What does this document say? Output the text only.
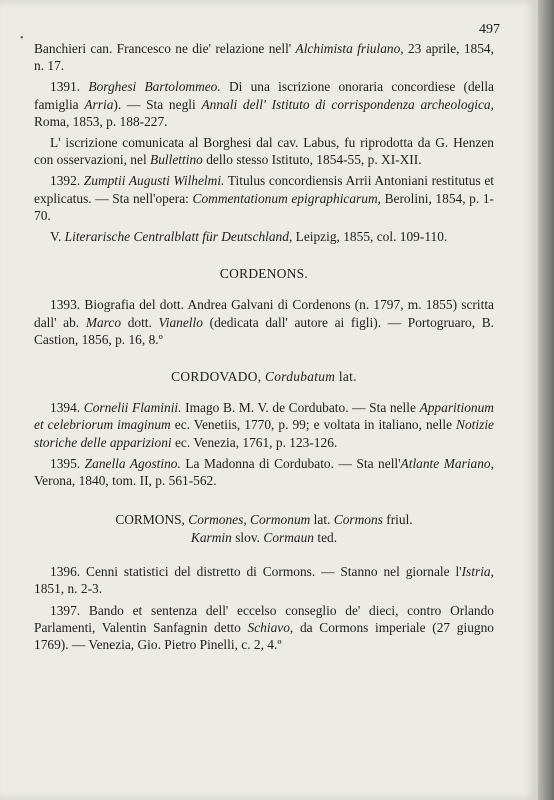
•
497

Banchieri can. Francesco ne die' relazione nell' Alchimista friulano, 23 aprile, 1854, n. 17.

1391. Borghesi Bartolommeo. Di una iscrizione onoraria concordiese (della famiglia Arria). — Sta negli Annali dell' Istituto di corrispondenza archeologica, Roma, 1853, p. 188-227.

L' iscrizione comunicata al Borghesi dal cav. Labus, fu riprodotta da G. Henzen con osservazioni, nel Bullettino dello stesso Istituto, 1854-55, p. XI-XII.

1392. Zumptii Augusti Wilhelmi. Titulus concordiensis Arrii Antoniani restitutus et explicatus. — Sta nell'opera: Commentationum epigraphicarum, Berolini, 1854, p. 1-70.

V. Literarische Centralblatt für Deutschland, Leipzig, 1855, col. 109-110.

CORDENONS.

1393. Biografia del dott. Andrea Galvani di Cordenons (n. 1797, m. 1855) scritta dall' ab. Marco dott. Vianello (dedicata dall' autore ai figli). — Portogruaro, B. Castion, 1856, p. 16, 8.º

CORDOVADO, Cordubatum lat.

1394. Cornelii Flaminii. Imago B. M. V. de Cordubato. — Sta nelle Apparitionum et celebriorum imaginum ec. Venetiis, 1770, p. 99; e voltata in italiano, nelle Notizie storiche delle apparizioni ec. Venezia, 1761, p. 123-126.

1395. Zanella Agostino. La Madonna di Cordubato. — Sta nell'Atlante Mariano, Verona, 1840, tom. II, p. 561-562.

CORMONS, Cormones, Cormonum lat. Cormons friul.
Karmin slov. Cormaun ted.

1396. Cenni statistici del distretto di Cormons. — Stanno nel giornale l'Istria, 1851, n. 2-3.

1397. Bando et sentenza dell' eccelso conseglio de' dieci, contro Orlando Parlamenti, Valentin Sanfagnin detto Schiavo, da Cormons imperiale (27 giugno 1769). — Venezia, Gio. Pietro Pinelli, c. 2, 4.º
